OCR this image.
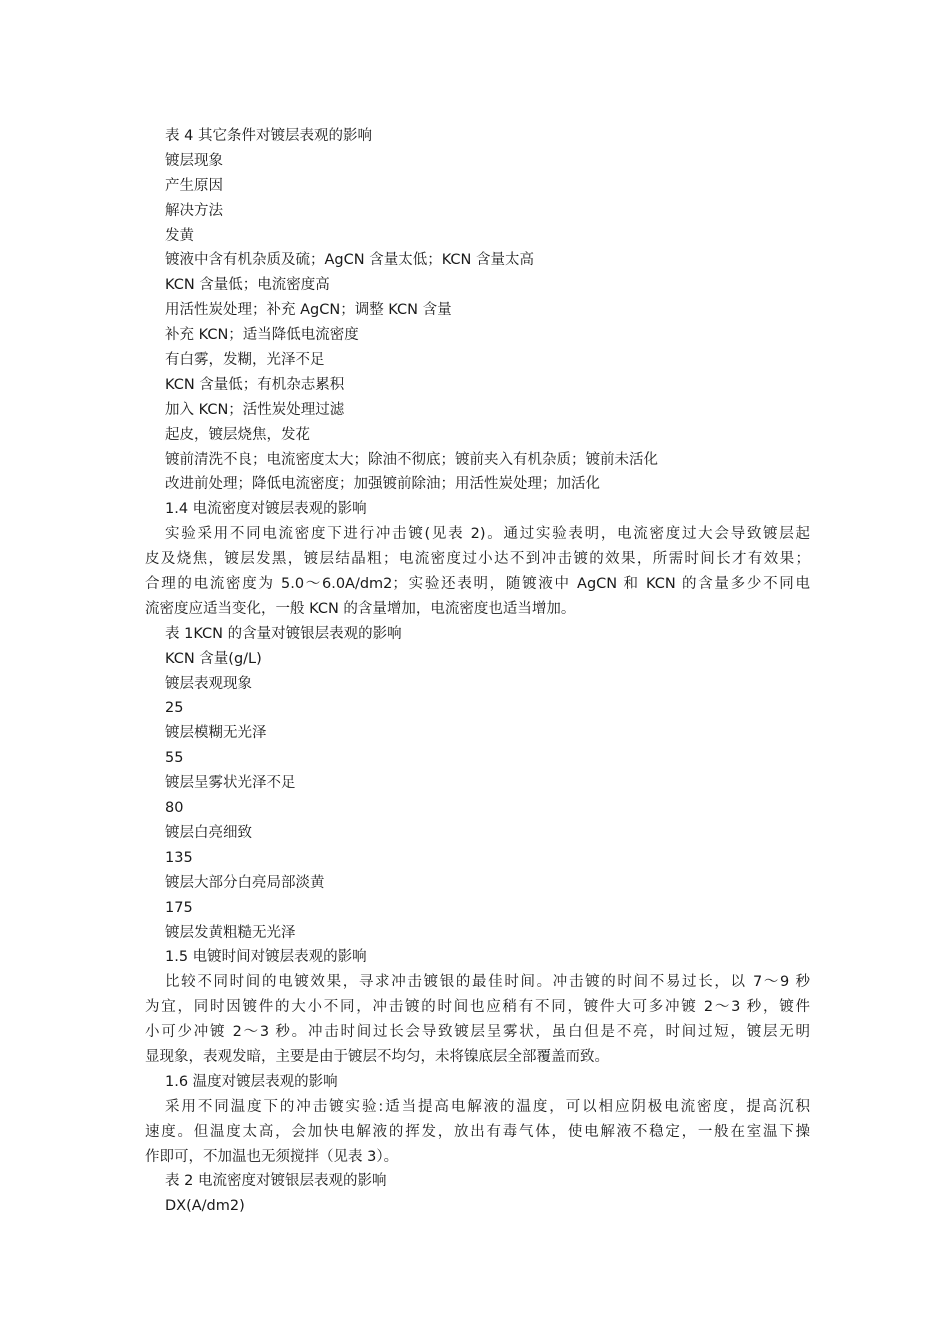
表 4 其它条件对镀层表观的影响
镀层现象
产生原因
解决方法
发黄
镀液中含有机杂质及硫；AgCN 含量太低；KCN 含量太高
KCN 含量低；电流密度高
用活性炭处理；补充 AgCN；调整 KCN 含量
补充 KCN；适当降低电流密度
有白雾，发糊，光泽不足
KCN 含量低；有机杂志累积
加入 KCN；活性炭处理过滤
起皮，镀层烧焦，发花
镀前清洗不良；电流密度太大；除油不彻底；镀前夹入有机杂质；镀前未活化
改进前处理；降低电流密度；加强镀前除油；用活性炭处理；加活化
1.4 电流密度对镀层表观的影响
实验采用不同电流密度下进行冲击镀(见表 2)。通过实验表明，电流密度过大会导致镀层起
皮及烧焦，镀层发黑，镀层结晶粗；电流密度过小达不到冲击镀的效果，所需时间长才有效果；
合理的电流密度为 5.0～6.0A/dm2；实验还表明，随镀液中 AgCN 和 KCN 的含量多少不同电
流密度应适当变化，一般 KCN 的含量增加，电流密度也适当增加。
表 1KCN 的含量对镀银层表观的影响
KCN 含量(g/L)
镀层表观现象
25
镀层模糊无光泽
55
镀层呈雾状光泽不足
80
镀层白亮细致
135
镀层大部分白亮局部淡黄
175
镀层发黄粗糙无光泽
1.5 电镀时间对镀层表观的影响
比较不同时间的电镀效果，寻求冲击镀银的最佳时间。冲击镀的时间不易过长，以 7～9 秒
为宜，同时因镀件的大小不同，冲击镀的时间也应稍有不同，镀件大可多冲镀 2～3 秒，镀件
小可少冲镀 2～3 秒。冲击时间过长会导致镀层呈雾状，虽白但是不亮，时间过短，镀层无明
显现象，表观发暗，主要是由于镀层不均匀，未将镍底层全部覆盖而致。
1.6 温度对镀层表观的影响
采用不同温度下的冲击镀实验:适当提高电解液的温度，可以相应阴极电流密度，提高沉积
速度。但温度太高，会加快电解液的挥发，放出有毒气体，使电解液不稳定，一般在室温下操
作即可，不加温也无须搅拌（见表 3）。
表 2 电流密度对镀银层表观的影响
DX(A/dm2)
